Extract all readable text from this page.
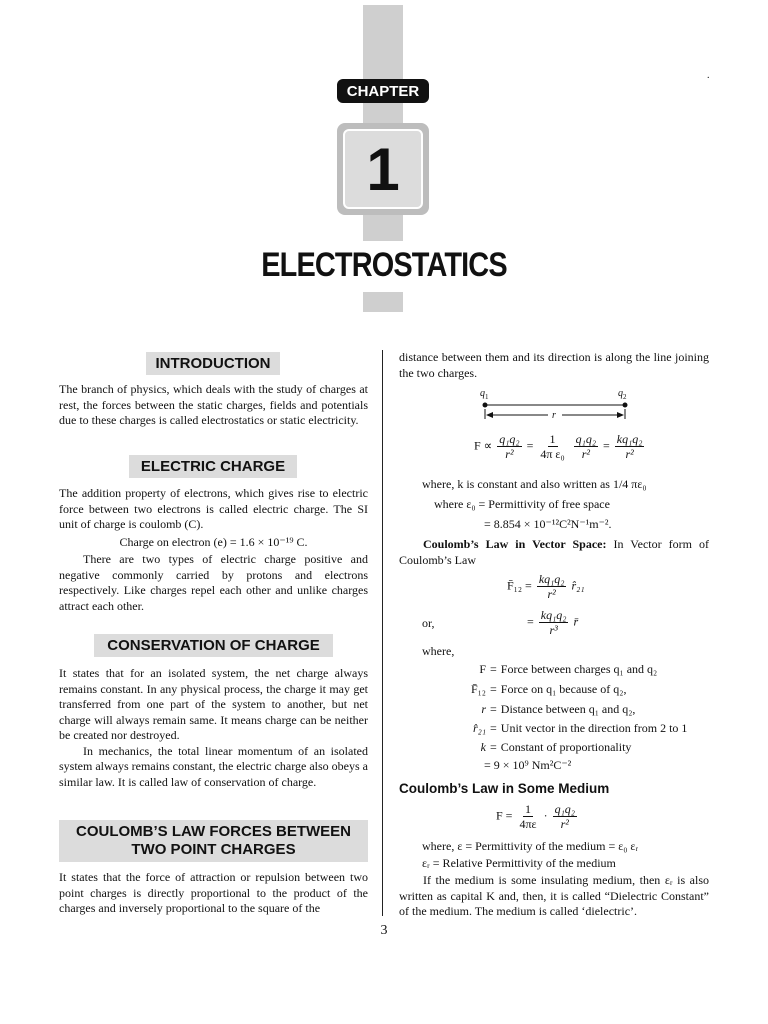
CHAPTER
1
ELECTROSTATICS
.
INTRODUCTION

The branch of physics, which deals with the study of charges at rest, the forces between the static charges, fields and potentials due to these charges is called electrostatics or static electricity.

ELECTRIC CHARGE

The addition property of electrons, which gives rise to electric force between two electrons is called electric charge. The SI unit of charge is coulomb (C).

Charge on electron (e) = 1.6 × 10⁻¹⁹ C.

There are two types of electric charge positive and negative commonly carried by protons and electrons respectively. Like charges repel each other and unlike charges attract each other.

CONSERVATION OF CHARGE

It states that for an isolated system, the net charge always remains constant. In any physical process, the charge it may get transferred from one part of the system to another, but net charge will always remain same. It means charge can be neither be created nor destroyed.

In mechanics, the total linear momentum of an isolated system always remains constant, the electric charge also obeys a similar law. It is called law of conservation of charge.

COULOMB’S LAW FORCES BETWEEN
TWO POINT CHARGES

It states that the force of attraction or repulsion between two point charges is directly proportional to the product of the charges and inversely proportional to the square of the

distance between them and its direction is along the line joining the two charges.

$q_1$	$q_2$
r
$F \propto \frac{\text{q₁q₂}}{\text{r²}} = \frac{1}{\text{4π ε₀}}$
$\frac{\text{q₁q₂}}{\text{r²}} = \frac{\text{kq₁q₂}}{\text{r²}}$
where, k is constant and also written as 1/4 πε₀
where ε₀ = Permittivity of free space
= 8.854 × 10⁻¹²C²N⁻¹m⁻².

Coulomb’s Law in Vector Space: In Vector form of Coulomb’s Law

F̄₁₂ = $\frac{\text{kq₁q₂}}{\text{r²}}$ r̂₂₁
or,	= $\frac{\text{kq₁q₂}}{\text{r³}}$ r̄
where,
F = Force between charges q₁ and q₂
F̄₁₂ = Force on q₁ because of q₂,
r = Distance between q₁ and q₂,
r̂₂₁ = Unit vector in the direction from 2 to 1
k = Constant of proportionality
= 9 × 10⁹ Nm²C⁻²
Coulomb’s Law in Some Medium
$F = \frac{1}{4\pi\varepsilon} \cdot \frac{\text{q₁q₂}}{\text{r²}}$
where, ε = Permittivity of the medium = ε₀ εᵣ
εᵣ = Relative Permittivity of the medium

If the medium is some insulating medium, then εᵣ is also written as capital K and, then, it is called “Dielectric Constant” of the medium. The medium is called ‘dielectric’.

3
